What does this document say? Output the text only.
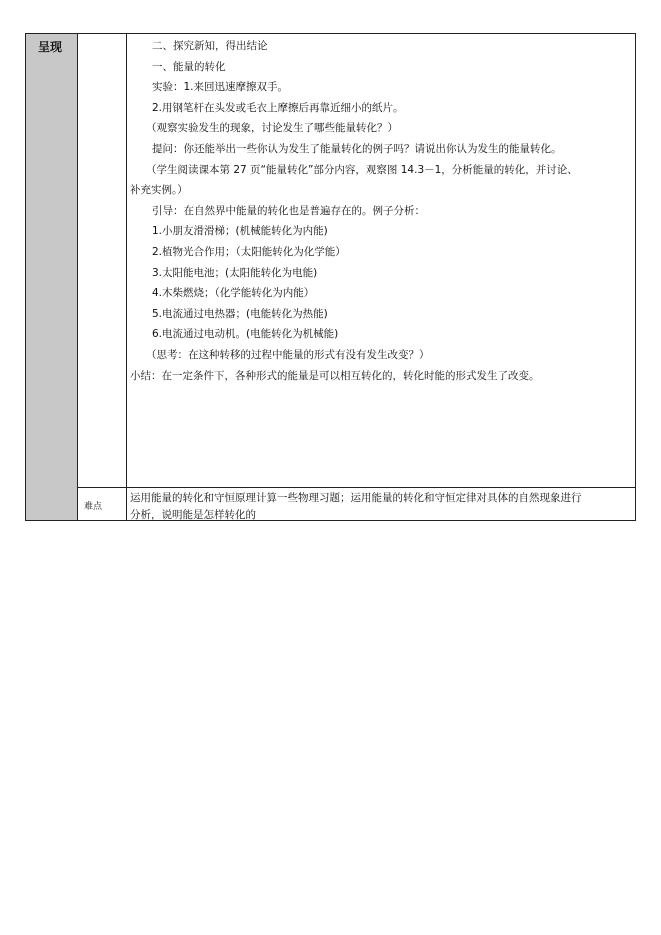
呈现
难点

二、探究新知，得出结论

一、能量的转化

实验：1.来回迅速摩擦双手。

2.用钢笔杆在头发或毛衣上摩擦后再靠近细小的纸片。

（观察实验发生的现象，讨论发生了哪些能量转化？）

提问：你还能举出一些你认为发生了能量转化的例子吗？请说出你认为发生的能量转化。

（学生阅读课本第 27 页“能量转化”部分内容，观察图 14.3－1，分析能量的转化，并讨论、

补充实例。）

引导：在自然界中能量的转化也是普遍存在的。例子分析：

1.小朋友滑滑梯；(机械能转化为内能)

2.植物光合作用；（太阳能转化为化学能）

3.太阳能电池；(太阳能转化为电能)

4.木柴燃烧；（化学能转化为内能）

5.电流通过电热器；(电能转化为热能)

6.电流通过电动机。(电能转化为机械能)

（思考：在这种转移的过程中能量的形式有没有发生改变？）

小结：在一定条件下，各种形式的能量是可以相互转化的，转化时能的形式发生了改变。

运用能量的转化和守恒原理计算一些物理习题；运用能量的转化和守恒定律对具体的自然现象进行

分析，说明能是怎样转化的
